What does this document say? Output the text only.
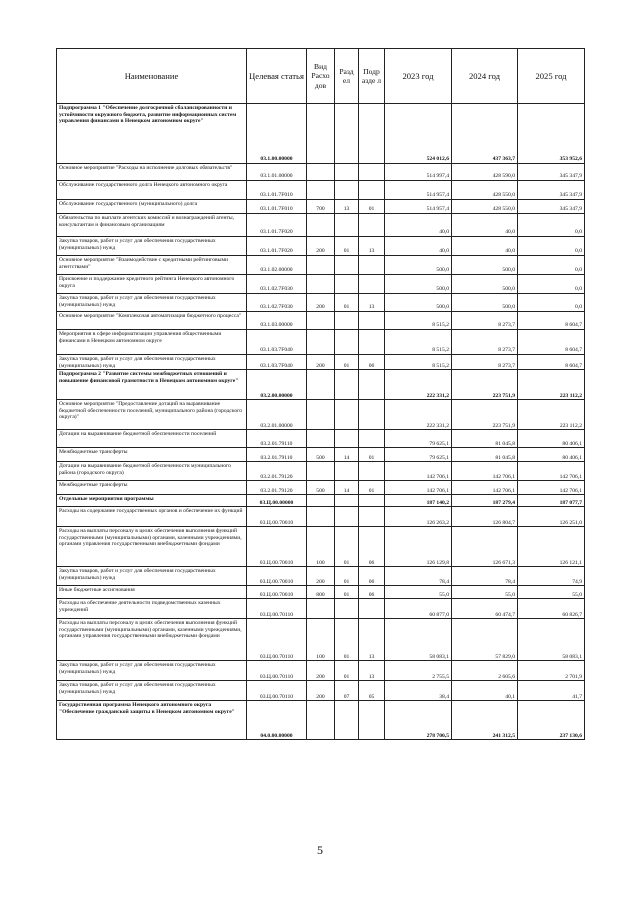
Наименование	Целевая статья	Вид Расхо дов	Разд ел	Подр азде л	2023 год	2024 год	2025 год
Подпрограмма 1 "Обеспечение долгосрочной сбалансированности и устойчивости окружного бюджета, развитие информационных систем управления финансами в Ненецком автономном округе"	03.1.00.00000				524 012,6	437 363,7	353 952,6
Основное мероприятие "Расходы на исполнение долговых обязательств"	03.1.01.00000				514 997,4	428 590,0	345 347,9
Обслуживание государственного долга Ненецкого автономного округа	03.1.01.7F010				514 957,4	428 550,0	345 347,9
Обслуживание государственного (муниципального) долга	03.1.01.7F010	700	13	01	514 957,4	428 550,0	345 347,9
Обязательства по выплате агентских комиссий и вознаграждений агенты, консультантам и финансовым организациям	03.1.01.7F020				40,0	40,0	0,0
Закупка товаров, работ и услуг для обеспечения государственных (муниципальных) нужд	03.1.01.7F020	200	01	13	40,0	40,0	0,0
Основное мероприятие "Взаимодействие с кредитными рейтинговыми агентствами"	03.1.02.00000				500,0	500,0	0,0
Присвоение и поддержание кредитного рейтинга Ненецкого автономного округа	03.1.02.7F030				500,0	500,0	0,0
Закупка товаров, работ и услуг для обеспечения государственных (муниципальных) нужд	03.1.02.7F030	200	01	13	500,0	500,0	0,0
Основное мероприятие "Комплексная автоматизация бюджетного процесса"	03.1.03.00000				8 515,2	8 273,7	8 604,7
Мероприятия в сфере информатизации управления общественными финансами в Ненецком автономном округе	03.1.03.7F040				8 515,2	8 273,7	8 604,7
Закупка товаров, работ и услуг для обеспечения государственных (муниципальных) нужд	03.1.03.7F040	200	01	06	8 515,2	8 273,7	8 604,7
Подпрограмма 2 "Развитие системы межбюджетных отношений и повышение финансовой грамотности в Ненецком автономном округе"	03.2.00.00000				222 331,2	223 751,9	223 112,2
Основное мероприятие "Предоставление дотаций на выравнивание бюджетной обеспеченности поселений, муниципального района (городского округа)"	03.2.01.00000				222 331,2	223 751,9	223 112,2
Дотации на выравнивание бюджетной обеспеченности поселений	03.2.01.79110				79 625,1	81 045,8	80 406,1
Межбюджетные трансферты	03.2.01.79110	500	14	01	79 625,1	81 045,8	80 406,1
Дотации на выравнивание бюджетной обеспеченности муниципального района (городского округа)	03.2.01.79120				142 706,1	142 706,1	142 706,1
Межбюджетные трансферты	03.2.01.79120	500	14	01	142 706,1	142 706,1	142 706,1
Отдельные мероприятия программы	03.Ц.00.00000				187 140,2	187 279,4	187 077,7
Расходы на содержание государственных органов и обеспечение их функций	03.Ц.00.70010				126 263,2	126 804,7	126 251,0
Расходы на выплаты персоналу в целях обеспечения выполнения функций государственными (муниципальными) органами, казенными учреждениями, органами управления государственными внебюджетными фондами	03.Ц.00.70010	100	01	06	126 129,8	126 671,3	126 121,1
Закупка товаров, работ и услуг для обеспечения государственных (муниципальных) нужд	03.Ц.00.70010	200	01	06	78,4	78,4	74,9
Иные бюджетные ассигнования	03.Ц.00.70010	800	01	06	55,0	55,0	55,0
Расходы на обеспечение деятельности подведомственных казенных учреждений	03.Ц.00.70110				60 877,0	60 474,7	60 826,7
Расходы на выплаты персоналу в целях обеспечения выполнения функций государственными (муниципальными) органами, казенными учреждениями, органами управления государственными внебюджетными фондами	03.Ц.00.70110	100	01	13	58 083,1	57 829,0	58 083,1
Закупка товаров, работ и услуг для обеспечения государственных (муниципальных) нужд	03.Ц.00.70110	200	01	13	2 755,5	2 605,6	2 701,9
Закупка товаров, работ и услуг для обеспечения государственных (муниципальных) нужд	03.Ц.00.70110	200	07	05	38,4	40,1	41,7
Государственная программа Ненецкого автономного округа "Обеспечение гражданской защиты в Ненецком автономном округе"	04.0.00.00000				278 700,5	241 312,5	237 130,6
5
